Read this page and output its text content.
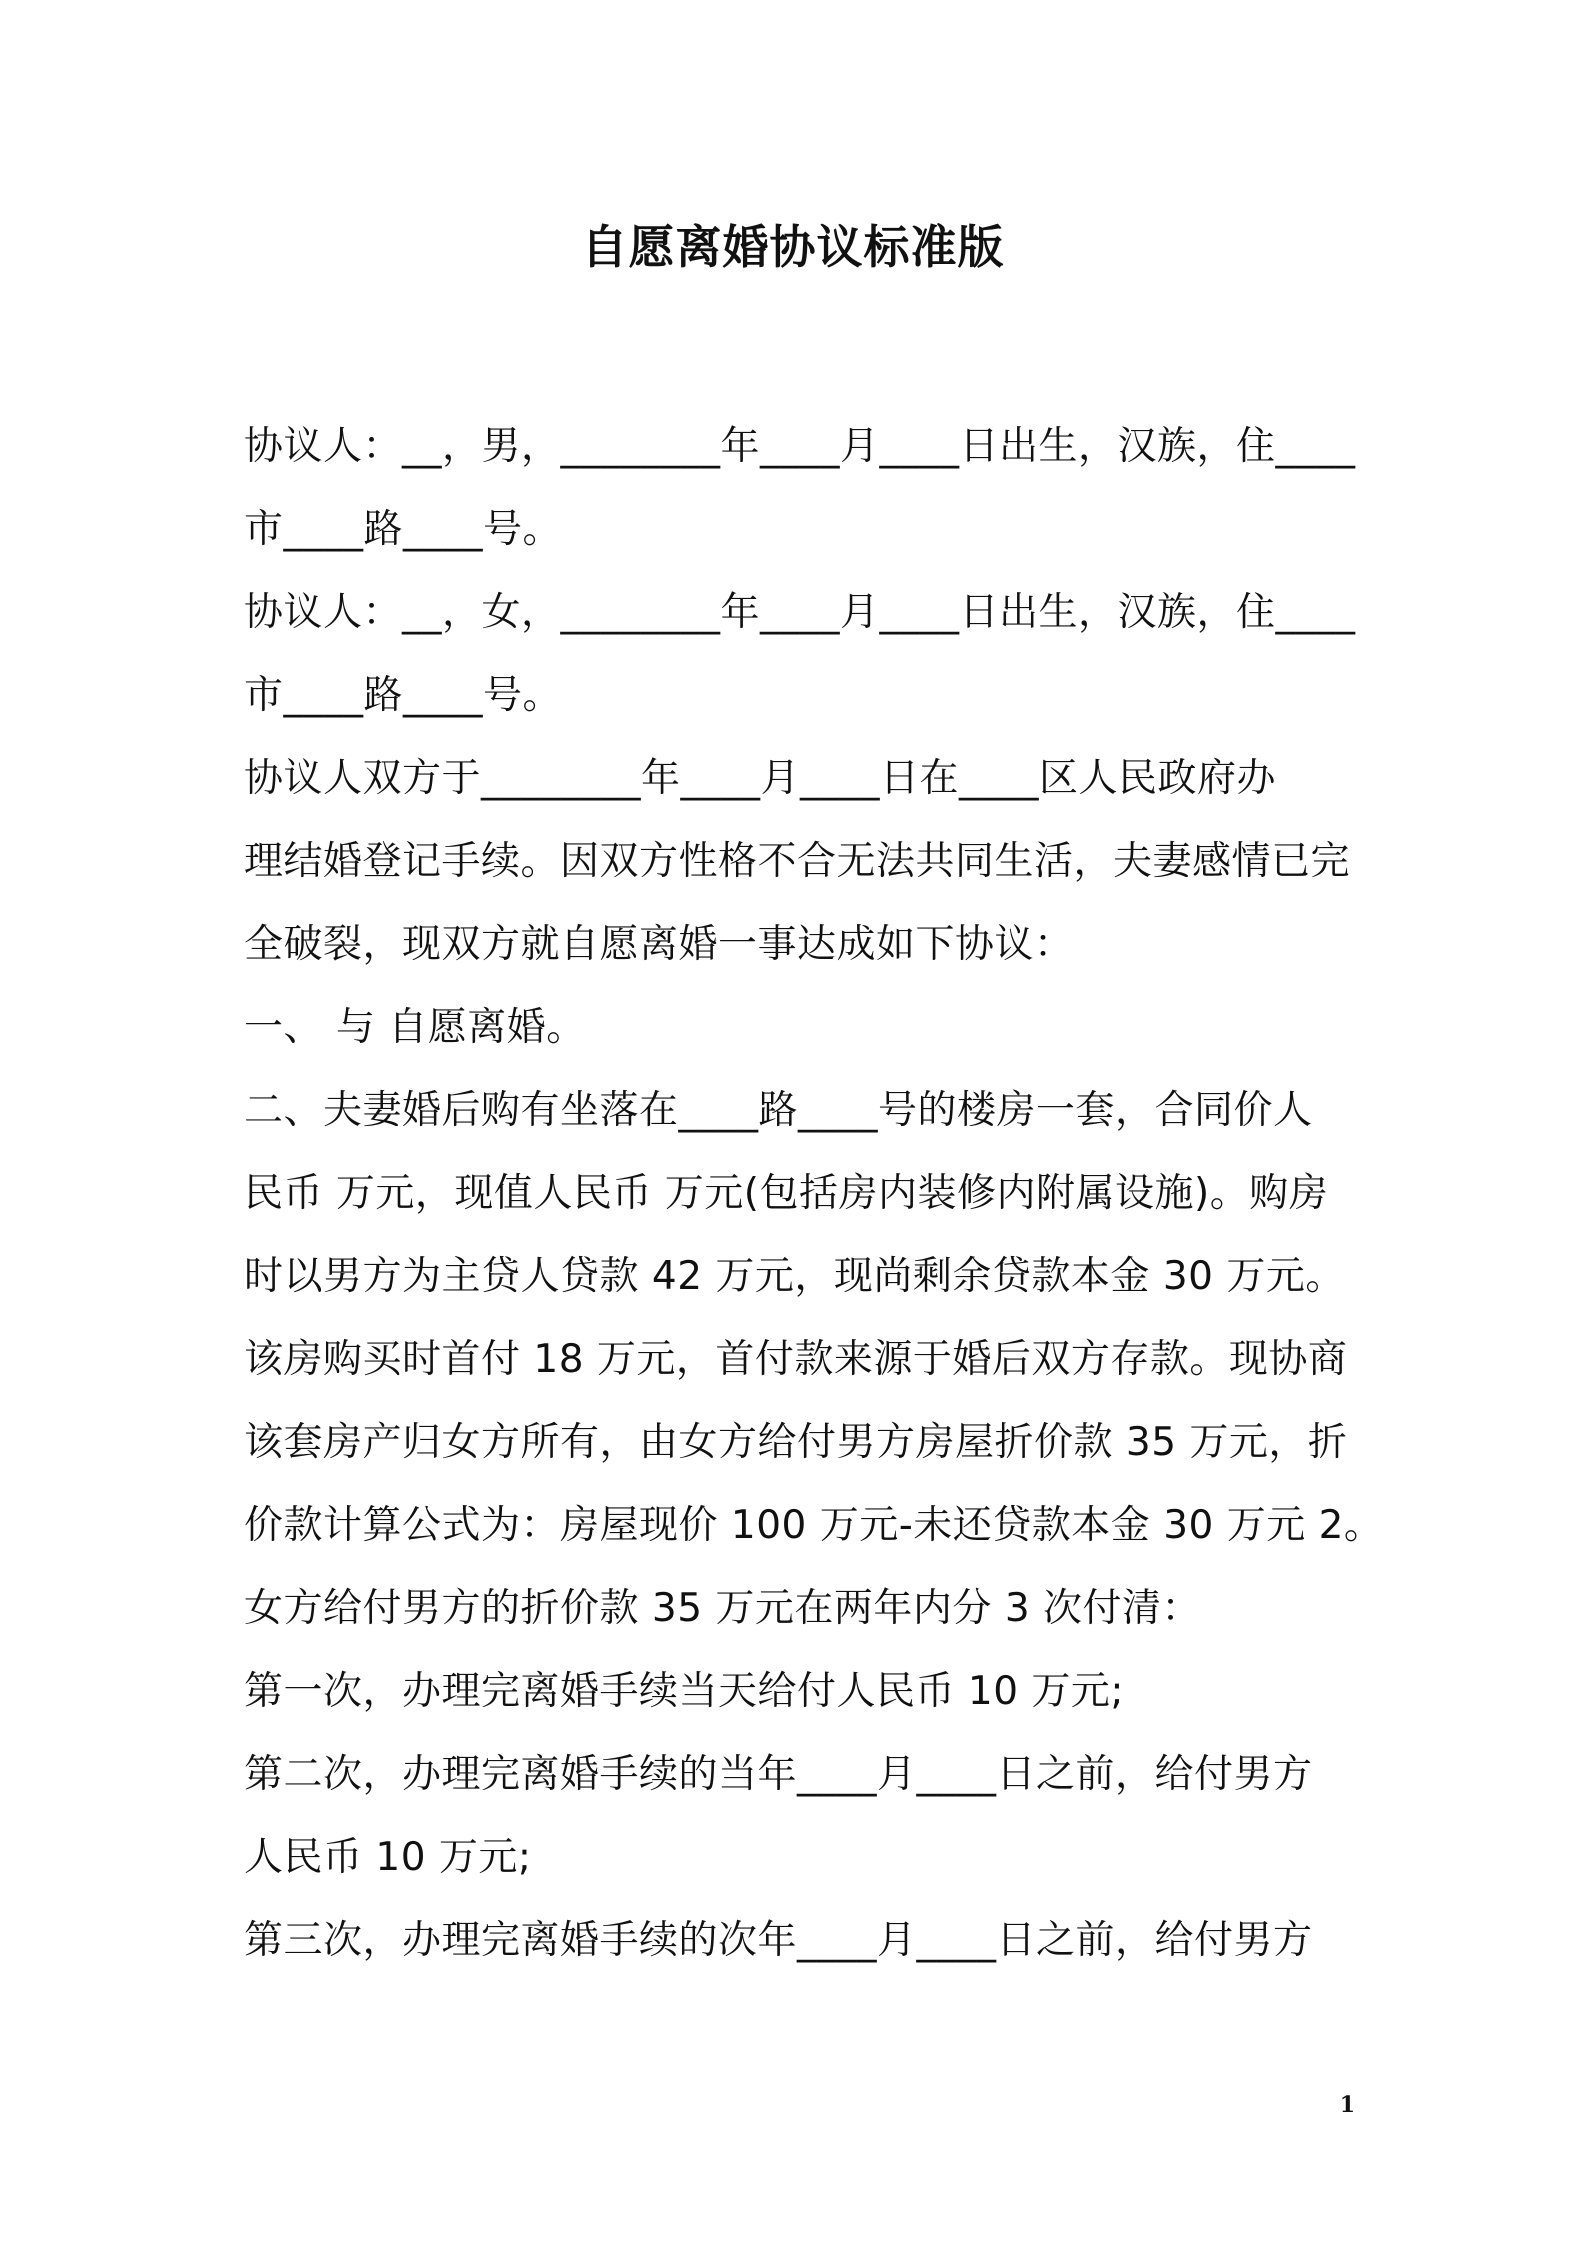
自愿离婚协议标准版
协议人：__，男，________年____月____日出生，汉族，住____
市____路____号。
协议人：__，女，________年____月____日出生，汉族，住____
市____路____号。
协议人双方于________年____月____日在____区人民政府办
理结婚登记手续。因双方性格不合无法共同生活，夫妻感情已完
全破裂，现双方就自愿离婚一事达成如下协议：
一、 与 自愿离婚。
二、夫妻婚后购有坐落在____路____号的楼房一套，合同价人
民币 万元，现值人民币 万元(包括房内装修内附属设施)。购房
时以男方为主贷人贷款 42 万元，现尚剩余贷款本金 30 万元。
该房购买时首付 18 万元，首付款来源于婚后双方存款。现协商
该套房产归女方所有，由女方给付男方房屋折价款 35 万元，折
价款计算公式为：房屋现价 100 万元-未还贷款本金 30 万元 2。
女方给付男方的折价款 35 万元在两年内分 3 次付清：
第一次，办理完离婚手续当天给付人民币 10 万元;
第二次，办理完离婚手续的当年____月____日之前，给付男方
人民币 10 万元;
第三次，办理完离婚手续的次年____月____日之前，给付男方
1
